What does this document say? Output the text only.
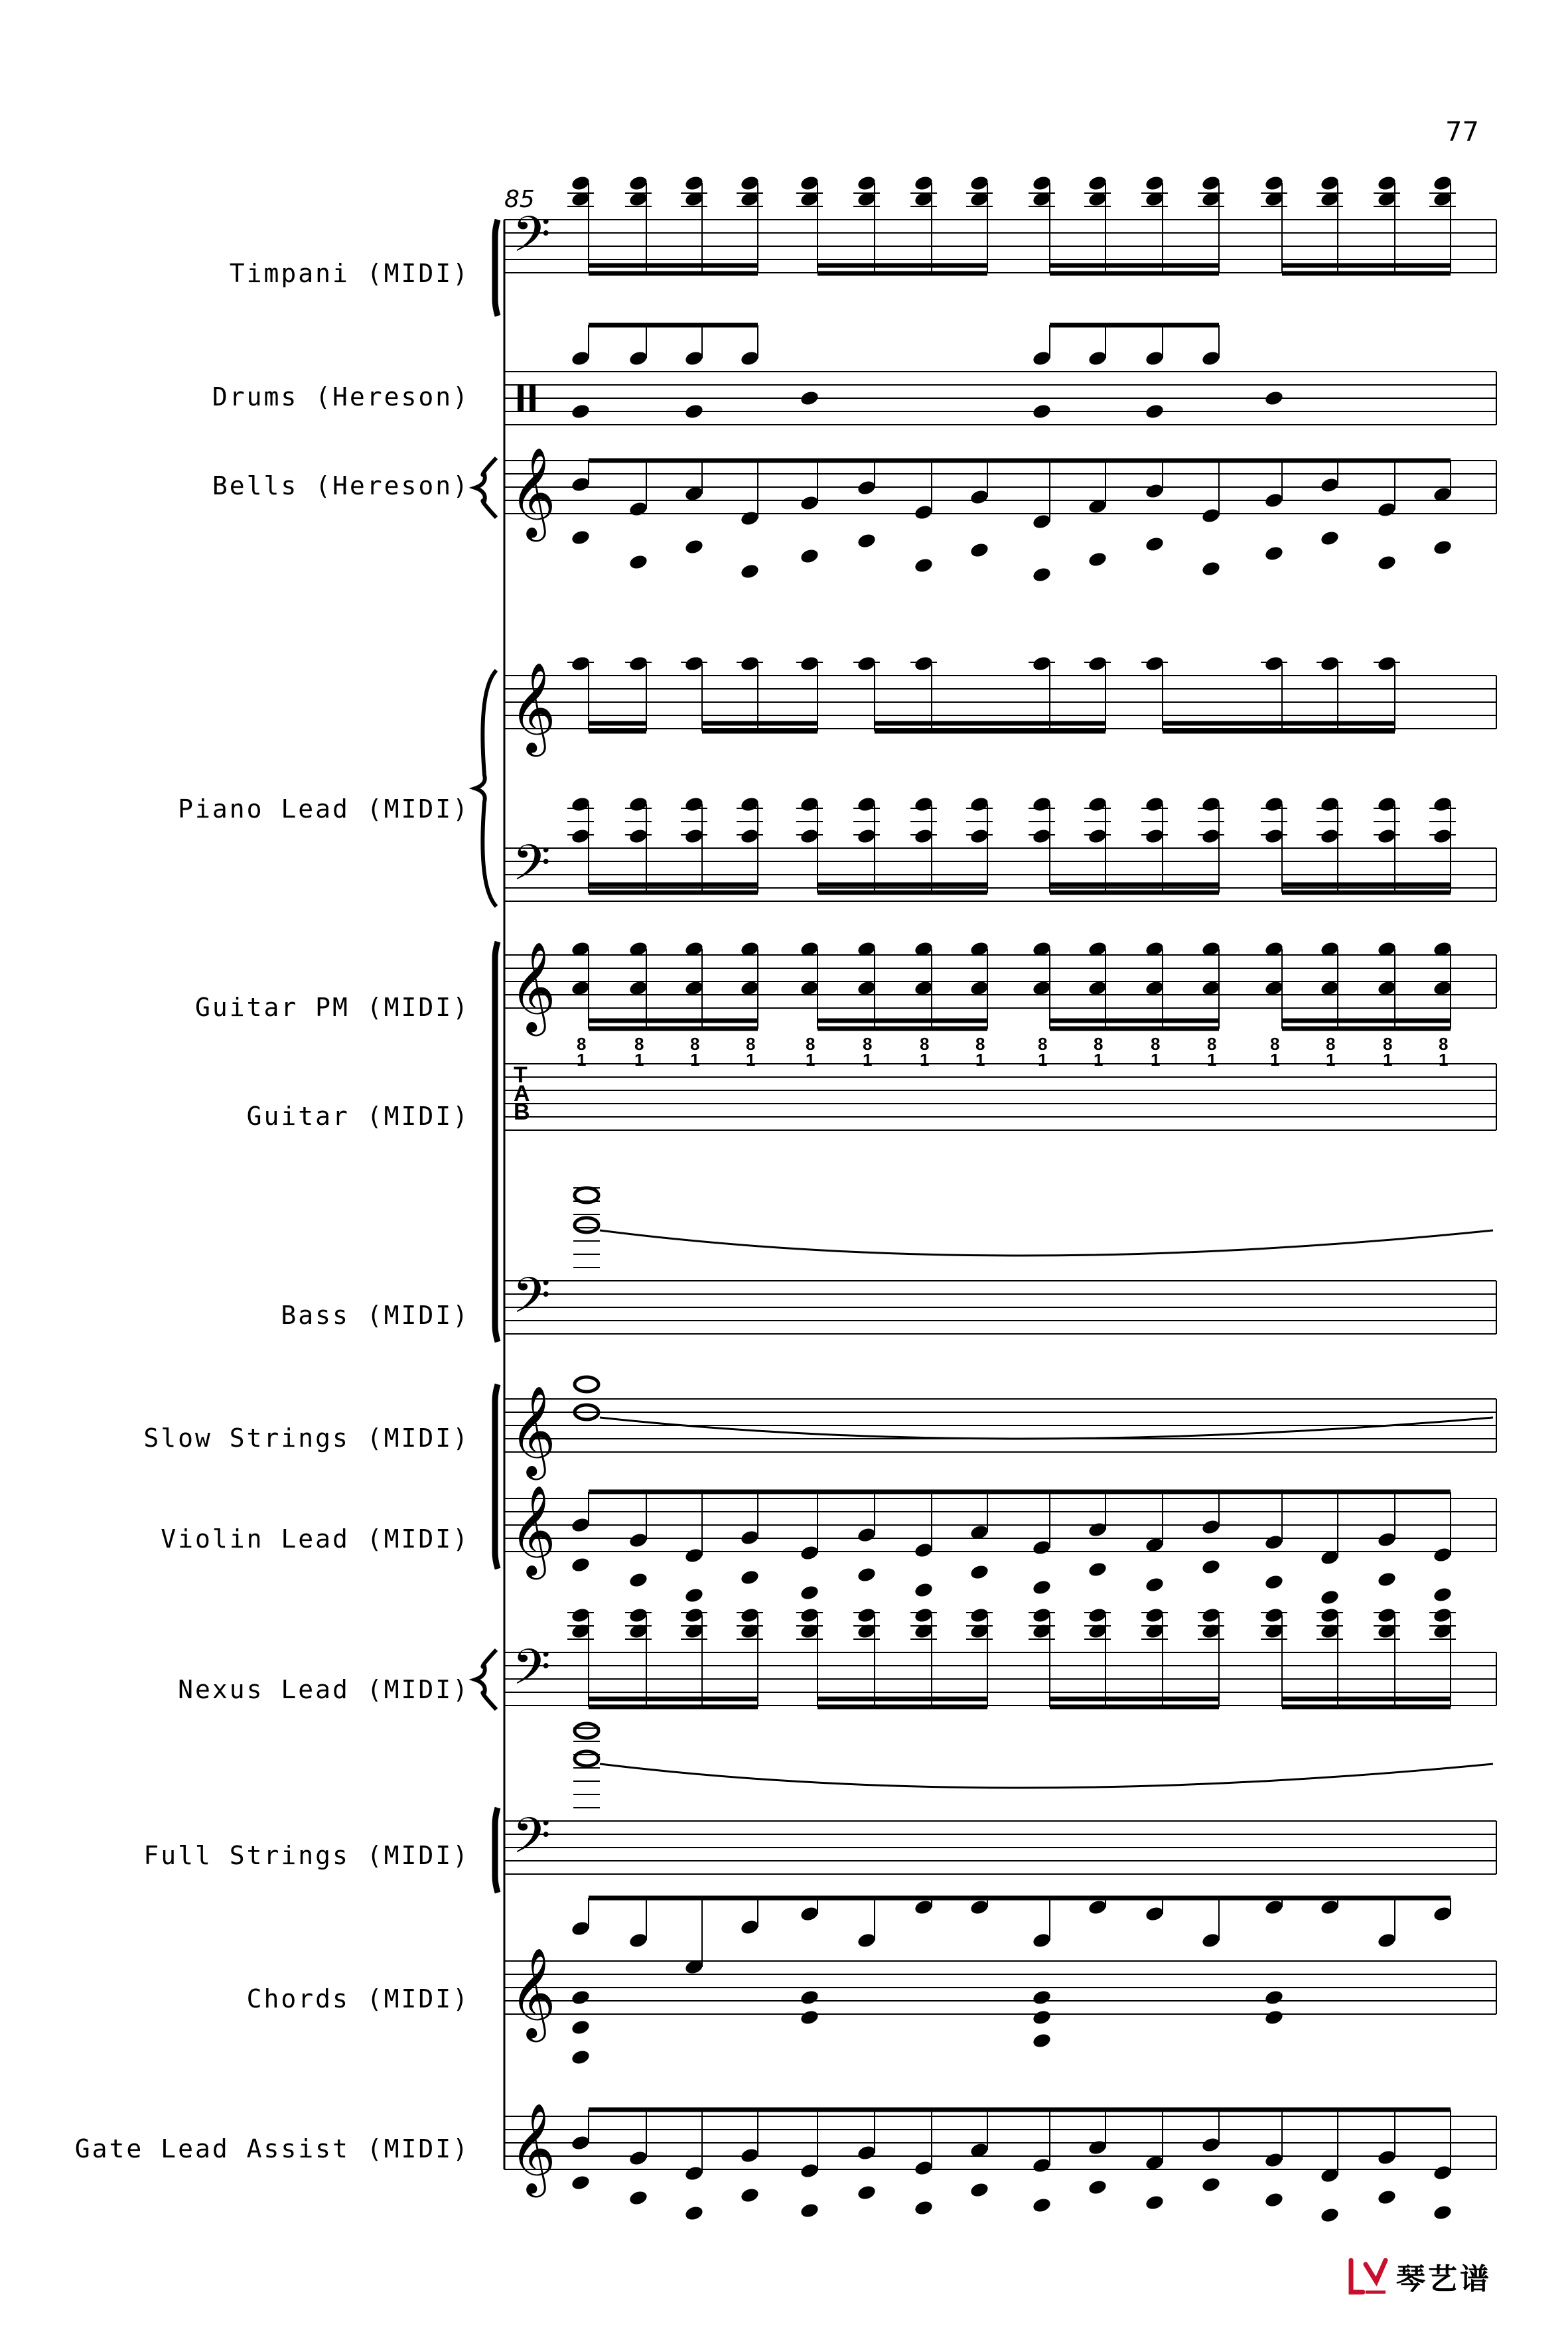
𝄢
𝄞
𝄞
𝄢
𝄞
𝄢
𝄞
𝄞
𝄢
𝄢
𝄞
𝄞
T
A
B
8
1
8
1
8
1
8
1
8
1
8
1
8
1
8
1
8
1
8
1
8
1
8
1
8
1
8
1
8
1
8
1
77
85
Timpani (MIDI)
Drums (Hereson)
Bells (Hereson)
Piano Lead (MIDI)
Guitar PM (MIDI)
Guitar (MIDI)
Bass (MIDI)
Slow Strings (MIDI)
Violin Lead (MIDI)
Nexus Lead (MIDI)
Full Strings (MIDI)
Chords (MIDI)
Gate Lead Assist (MIDI)
琴艺谱
